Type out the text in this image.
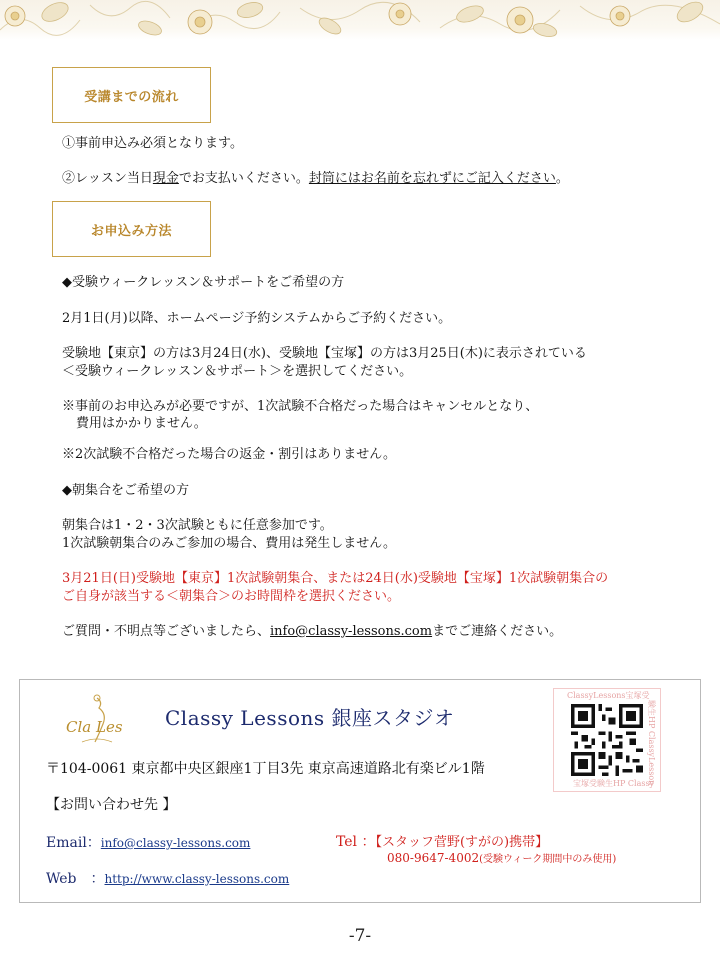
受講までの流れ
①事前申込み必須となります。
②レッスン当日現金でお支払いください。封筒にはお名前を忘れずにご記入ください。
お申込み方法
◆受験ウィークレッスン＆サポートをご希望の方
2月1日(月)以降、ホームページ予約システムからご予約ください。
受験地【東京】の方は3月24日(水)、受験地【宝塚】の方は3月25日(木)に表示されている
＜受験ウィークレッスン＆サポート＞を選択してください。
※事前のお申込みが必要ですが、1次試験不合格だった場合はキャンセルとなり、
費用はかかりません。
※2次試験不合格だった場合の返金・割引はありません。
◆朝集合をご希望の方
朝集合は1・2・3次試験ともに任意参加です。
1次試験朝集合のみご参加の場合、費用は発生しません。
3月21日(日)受験地【東京】1次試験朝集合、または24日(水)受験地【宝塚】1次試験朝集合の
ご自身が該当する＜朝集合＞のお時間枠を選択ください。
ご質問・不明点等ございましたら、info@classy-lessons.comまでご連絡ください。
Cla Les Classy Lessons 銀座スタジオ
ClassyLessons宝塚受
験生HP ClassyLesson
宝塚受験生HP Classy
〒104-0061 東京都中央区銀座1丁目3先 東京高速道路北有楽ビル1階
【お問い合わせ先 】
Email：info@classy-lessons.com
Web　：http://www.classy-lessons.com
Tel ：【スタッフ菅野(すがの)携帯】
080-9647-4002(受験ウィーク期間中のみ使用)
-7-
